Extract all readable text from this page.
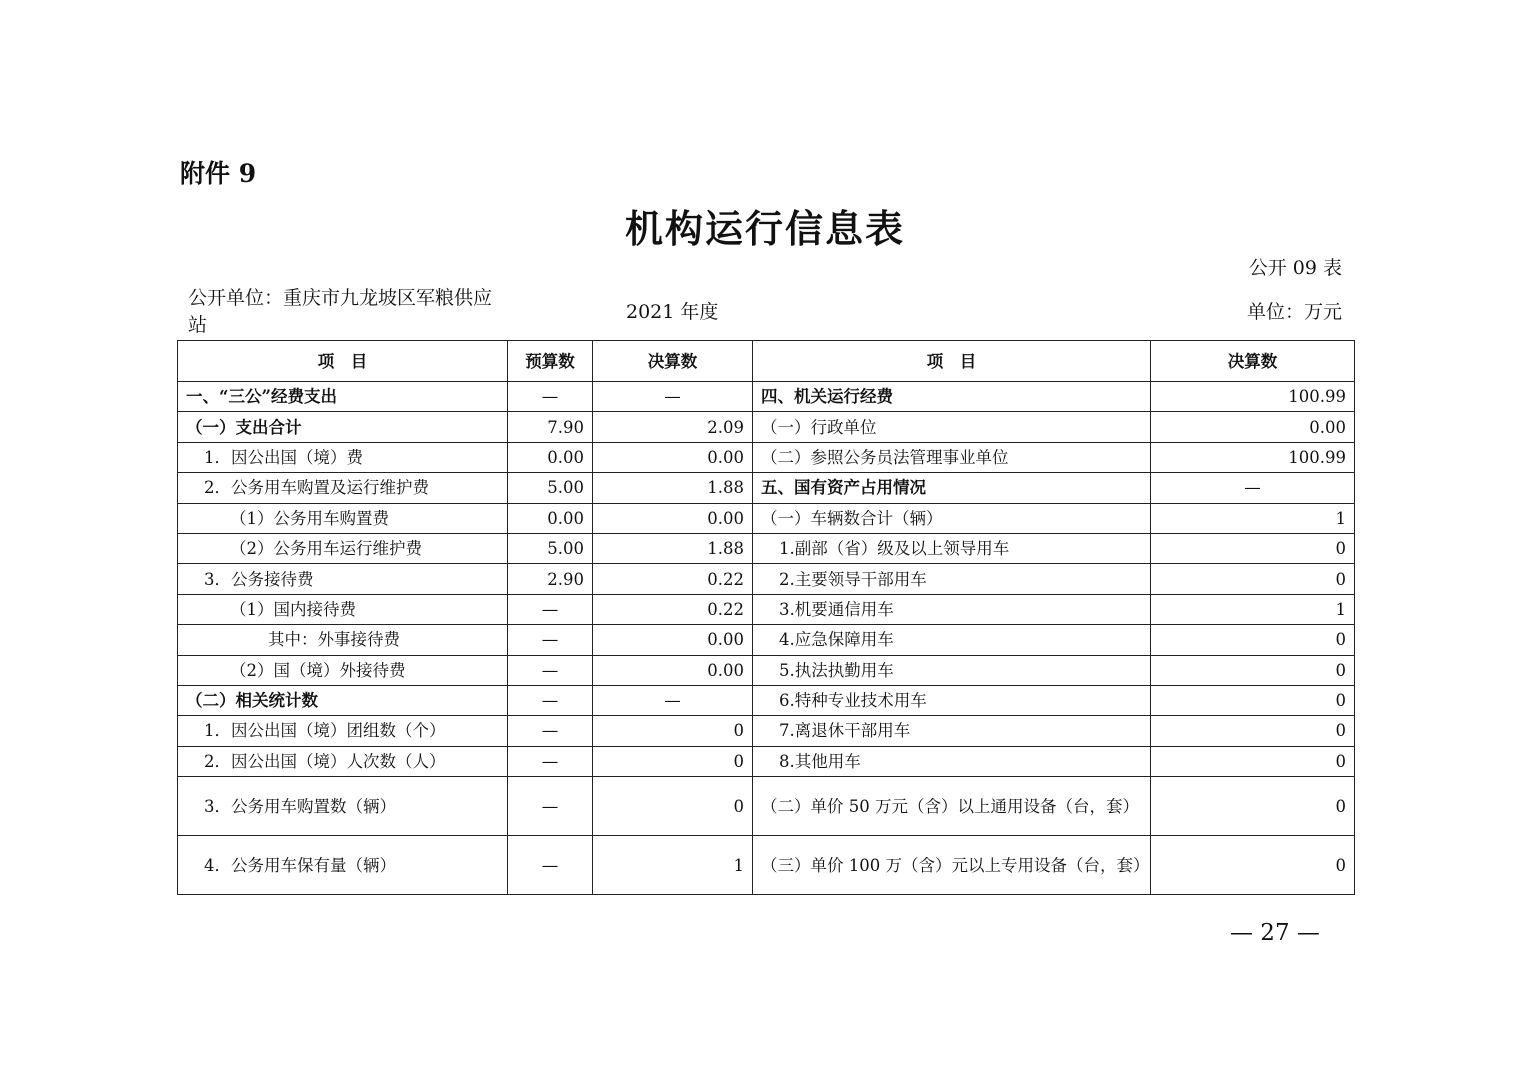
附件 9
机构运行信息表
公开 09 表
公开单位：重庆市九龙坡区军粮供应站
2021 年度	单位：万元
项　目	预算数	决算数	项　目	决算数
一、“三公”经费支出	—	—	四、机关运行经费	100.99
（一）支出合计	7.90	2.09	（一）行政单位	0.00
1．因公出国（境）费	0.00	0.00	（二）参照公务员法管理事业单位	100.99
2．公务用车购置及运行维护费	5.00	1.88	五、国有资产占用情况	—
（1）公务用车购置费	0.00	0.00	（一）车辆数合计（辆）	1
（2）公务用车运行维护费	5.00	1.88	1.副部（省）级及以上领导用车	0
3．公务接待费	2.90	0.22	2.主要领导干部用车	0
（1）国内接待费	—	0.22	3.机要通信用车	1
其中：外事接待费	—	0.00	4.应急保障用车	0
（2）国（境）外接待费	—	0.00	5.执法执勤用车	0
（二）相关统计数	—	—	6.特种专业技术用车	0
1．因公出国（境）团组数（个）	—	0	7.离退休干部用车	0
2．因公出国（境）人次数（人）	—	0	8.其他用车	0
3．公务用车购置数（辆）	—	0	（二）单价 50 万元（含）以上通用设备（台，套）	0
4．公务用车保有量（辆）	—	1	（三）单价 100 万（含）元以上专用设备（台，套）	0
— 27 —
